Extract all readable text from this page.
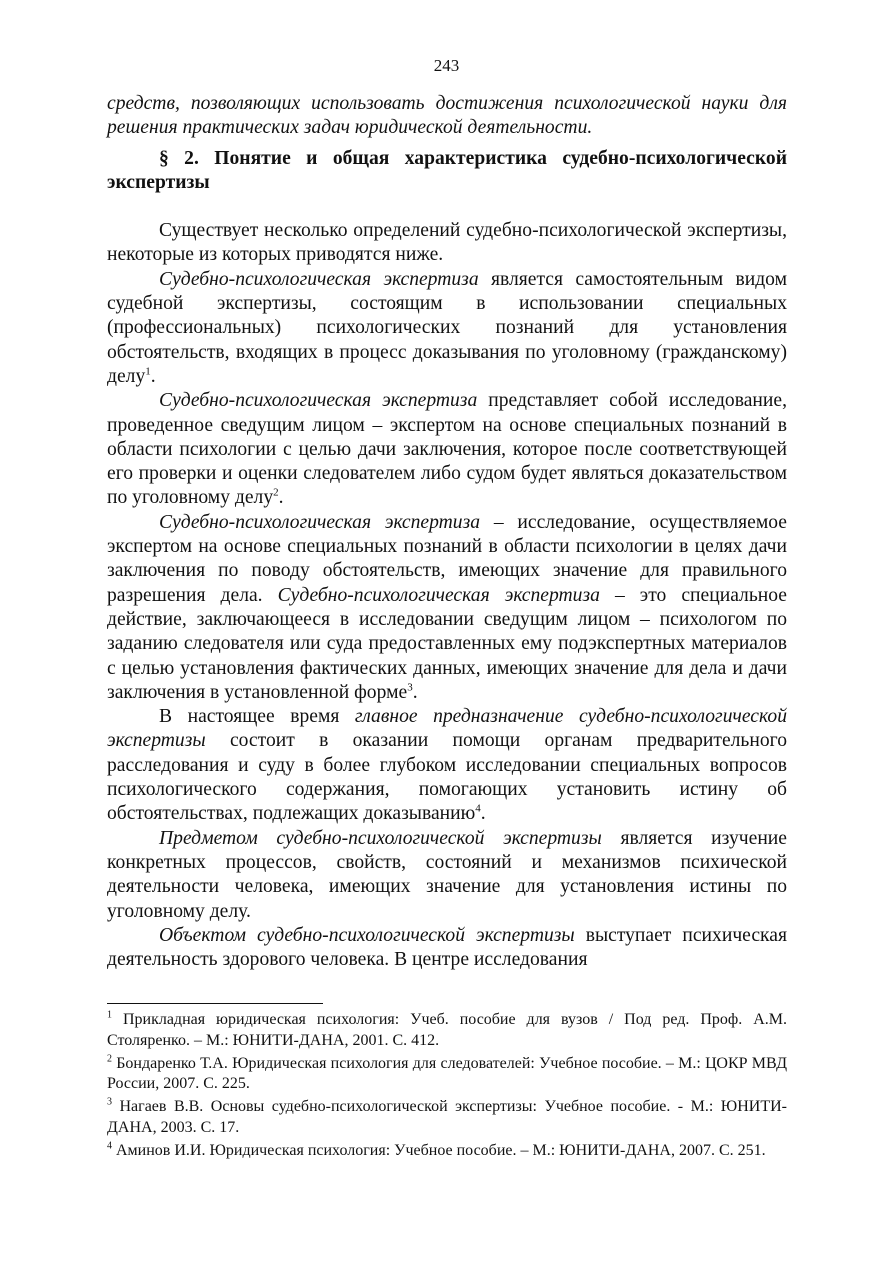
243

средств, позволяющих использовать достижения психологической науки для решения практических задач юридической деятельности.

§ 2. Понятие и общая характеристика судебно-психологической экспертизы

Существует несколько определений судебно-психологической экспертизы, некоторые из которых приводятся ниже.

Судебно-психологическая экспертиза является самостоятельным видом судебной экспертизы, состоящим в использовании специальных (профессиональных) психологических познаний для установления обстоятельств, входящих в процесс доказывания по уголовному (гражданскому) делу$^1$.

Судебно-психологическая экспертиза представляет собой исследование, проведенное сведущим лицом – экспертом на основе специальных познаний в области психологии с целью дачи заключения, которое после соответствующей его проверки и оценки следователем либо судом будет являться доказательством по уголовному делу$^2$.

Судебно-психологическая экспертиза – исследование, осуществляемое экспертом на основе специальных познаний в области психологии в целях дачи заключения по поводу обстоятельств, имеющих значение для правильного разрешения дела. Судебно-психологическая экспертиза – это специальное действие, заключающееся в исследовании сведущим лицом – психологом по заданию следователя или суда предоставленных ему подэкспертных материалов с целью установления фактических данных, имеющих значение для дела и дачи заключения в установленной форме$^3$.

В настоящее время главное предназначение судебно-психологической экспертизы состоит в оказании помощи органам предварительного расследования и суду в более глубоком исследовании специальных вопросов психологического содержания, помогающих установить истину об обстоятельствах, подлежащих доказыванию$^4$.

Предметом судебно-психологической экспертизы является изучение конкретных процессов, свойств, состояний и механизмов психической деятельности человека, имеющих значение для установления истины по уголовному делу.

Объектом судебно-психологической экспертизы выступает психическая деятельность здорового человека. В центре исследования

$^1$ Прикладная юридическая психология: Учеб. пособие для вузов / Под ред. Проф. А.М. Столяренко. – М.: ЮНИТИ-ДАНА, 2001. С. 412.

$^2$ Бондаренко Т.А. Юридическая психология для следователей: Учебное пособие. – М.: ЦОКР МВД России, 2007. С. 225.

$^3$ Нагаев В.В. Основы судебно-психологической экспертизы: Учебное пособие. - М.: ЮНИТИ-ДАНА, 2003. С. 17.

$^4$ Аминов И.И. Юридическая психология: Учебное пособие. – М.: ЮНИТИ-ДАНА, 2007. С. 251.
